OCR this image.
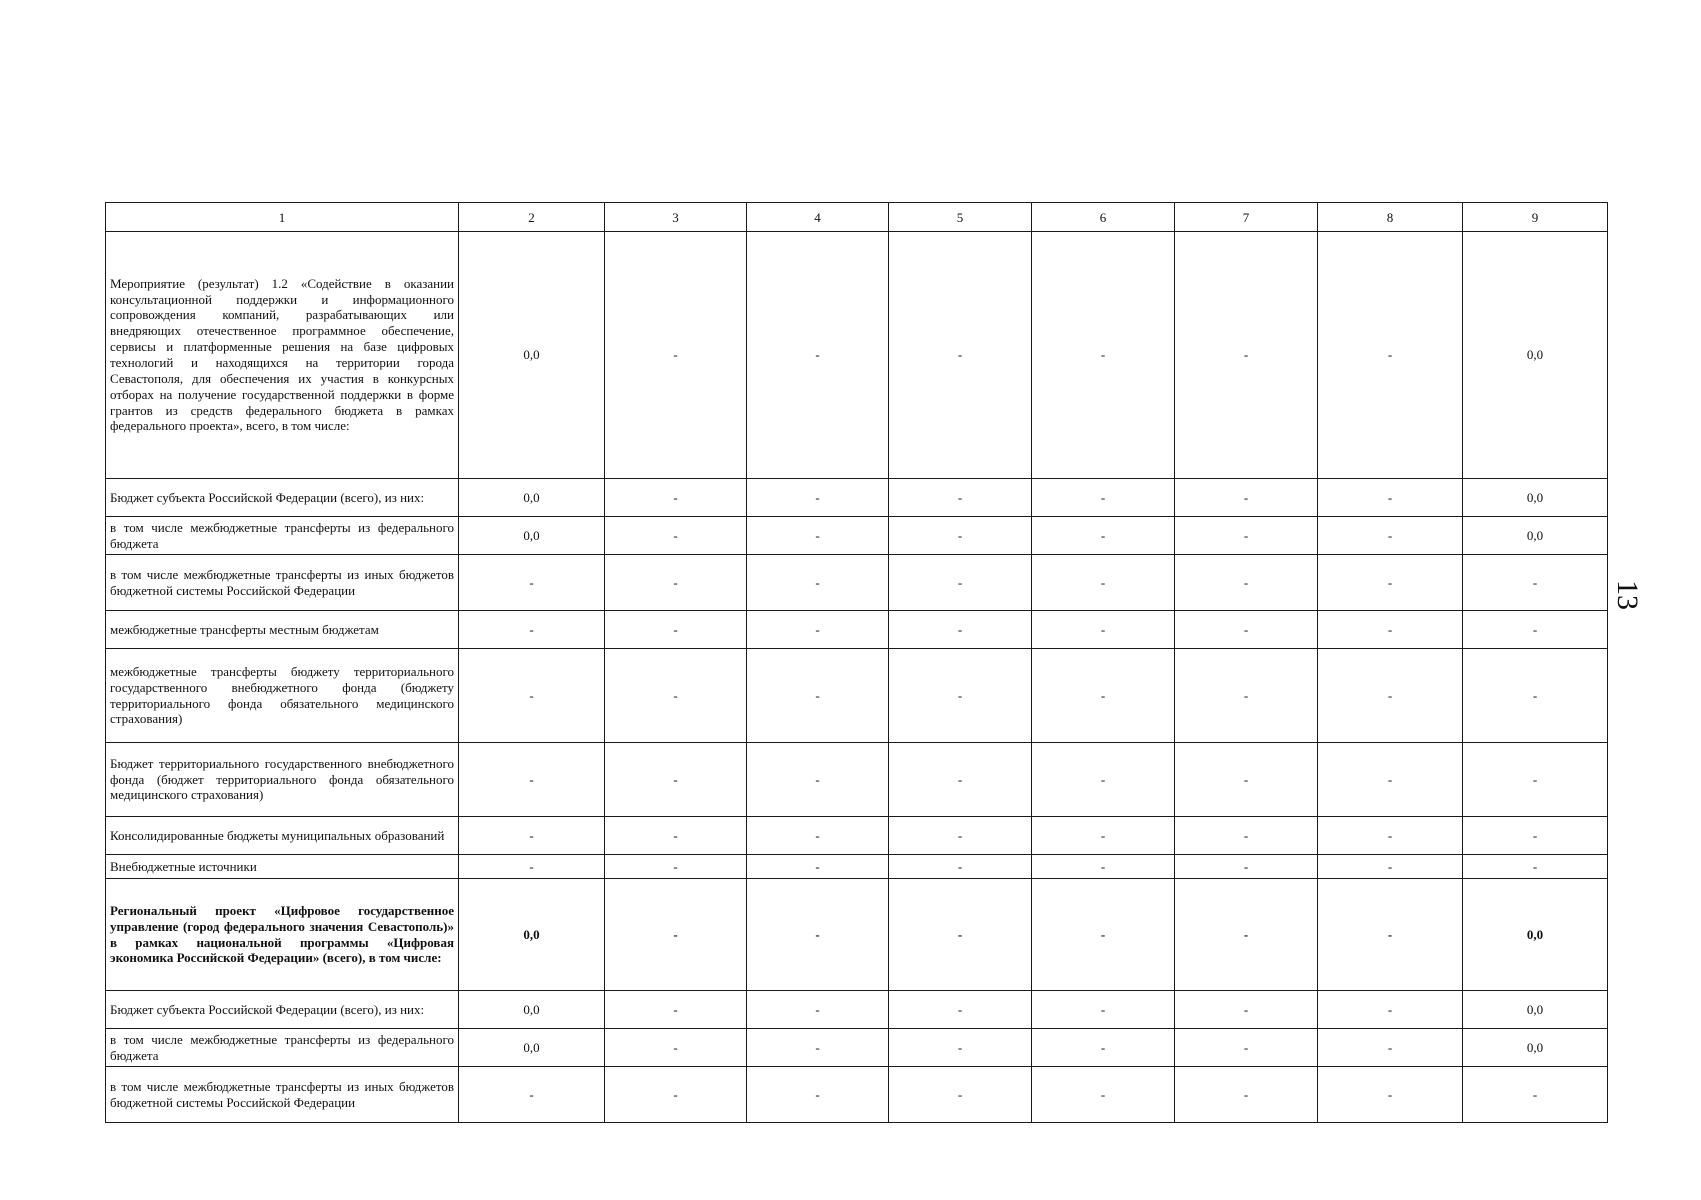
1	2	3	4	5	6	7	8	9
Мероприятие (результат) 1.2 «Содействие в оказании консультационной поддержки и информационного сопровождения компаний, разрабатывающих или внедряющих отечественное программное обеспечение, сервисы и платформенные решения на базе цифровых технологий и находящихся на территории города Севастополя, для обеспечения их участия в конкурсных отборах на получение государственной поддержки в форме грантов из средств федерального бюджета в рамках федерального проекта», всего, в том числе:	0,0	-	-	-	-	-	-	0,0
Бюджет субъекта Российской Федерации (всего), из них:	0,0	-	-	-	-	-	-	0,0
в том числе межбюджетные трансферты из федерального бюджета	0,0	-	-	-	-	-	-	0,0
в том числе межбюджетные трансферты из иных бюджетов бюджетной системы Российской Федерации	-	-	-	-	-	-	-	-
межбюджетные трансферты местным бюджетам	-	-	-	-	-	-	-	-
межбюджетные трансферты бюджету территориального государственного внебюджетного фонда (бюджету территориального фонда обязательного медицинского страхования)	-	-	-	-	-	-	-	-
Бюджет территориального государственного внебюджетного фонда (бюджет территориального фонда обязательного медицинского страхования)	-	-	-	-	-	-	-	-
Консолидированные бюджеты муниципальных образований	-	-	-	-	-	-	-	-
Внебюджетные источники	-	-	-	-	-	-	-	-
Региональный проект «Цифровое государственное управление (город федерального значения Севастополь)» в рамках национальной программы «Цифровая экономика Российской Федерации» (всего), в том числе:	0,0	-	-	-	-	-	-	0,0
Бюджет субъекта Российской Федерации (всего), из них:	0,0	-	-	-	-	-	-	0,0
в том числе межбюджетные трансферты из федерального бюджета	0,0	-	-	-	-	-	-	0,0
в том числе межбюджетные трансферты из иных бюджетов бюджетной системы Российской Федерации	-	-	-	-	-	-	-	-
13
